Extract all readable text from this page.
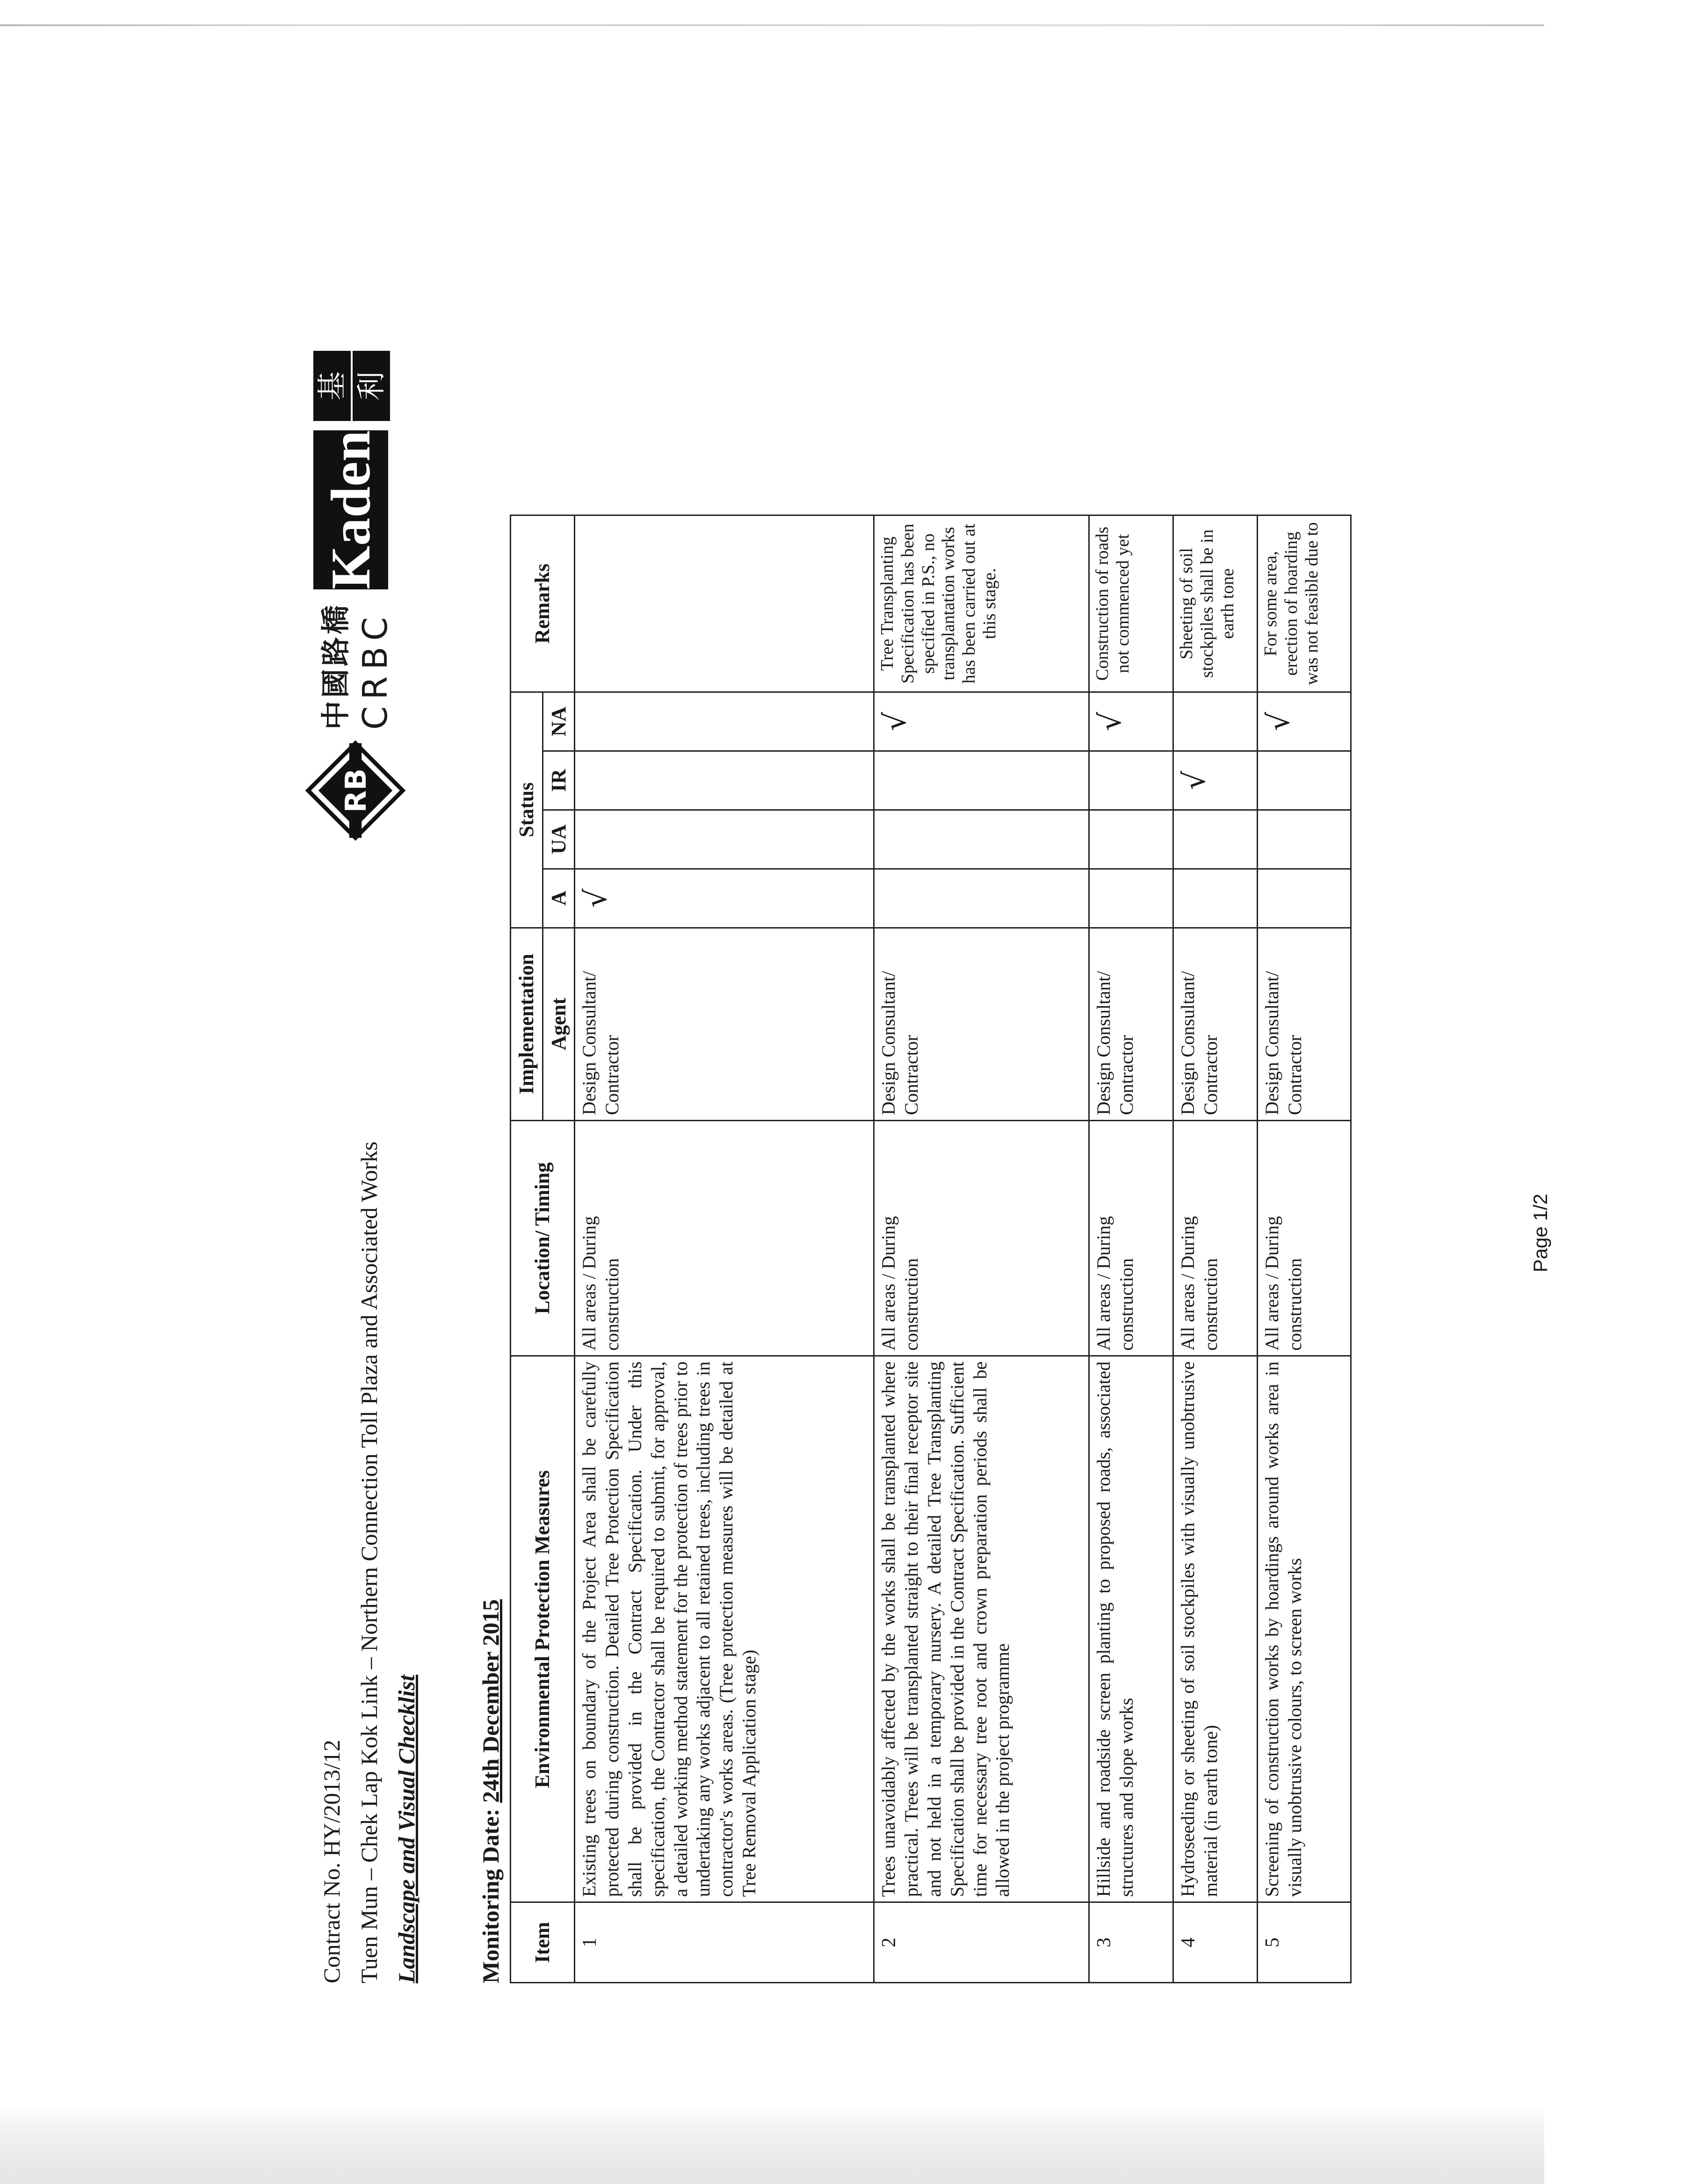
Contract No. HY/2013/12 Tuen Mun – Chek Lap Kok Link – Northern Connection Toll Plaza and Associated Works Landscape and Visual Checklist Monitoring Date: 24th December 2015
RB
中國路橋 CRBC
Kaden
基 利
Item	Environmental Protection Measures	Location/ Timing	Implementation	Status				Remarks
			Agent	A	UA	IR	NA	
1	Existing trees on boundary of the Project Area shall be carefully protected during construction. Detailed Tree Protection Specification shall be provided in the Contract Specification. Under this specification, the Contractor shall be required to submit, for approval, a detailed working method statement for the protection of trees prior to undertaking any works adjacent to all retained trees, including trees in contractor's works areas. (Tree protection measures will be detailed at Tree Removal Application stage)	All areas / During construction	Design Consultant/ Contractor	√				
2	Trees unavoidably affected by the works shall be transplanted where practical. Trees will be transplanted straight to their final receptor site and not held in a temporary nursery. A detailed Tree Transplanting Specification shall be provided in the Contract Specification. Sufficient time for necessary tree root and crown preparation periods shall be allowed in the project programme	All areas / During construction	Design Consultant/ Contractor				√	Tree Transplanting Specification has been specified in P.S., no transplantation works has been carried out at this stage.
3	Hillside and roadside screen planting to proposed roads, associated structures and slope works	All areas / During construction	Design Consultant/ Contractor				√	Construction of roads not commenced yet
4	Hydroseeding or sheeting of soil stockpiles with visually unobtrusive material (in earth tone)	All areas / During construction	Design Consultant/ Contractor			√		Sheeting of soil stockpiles shall be in earth tone
5	Screening of construction works by hoardings around works area in visually unobtrusive colours, to screen works	All areas / During construction	Design Consultant/ Contractor				√	For some area, erection of hoarding was not feasible due to
Page 1/2
